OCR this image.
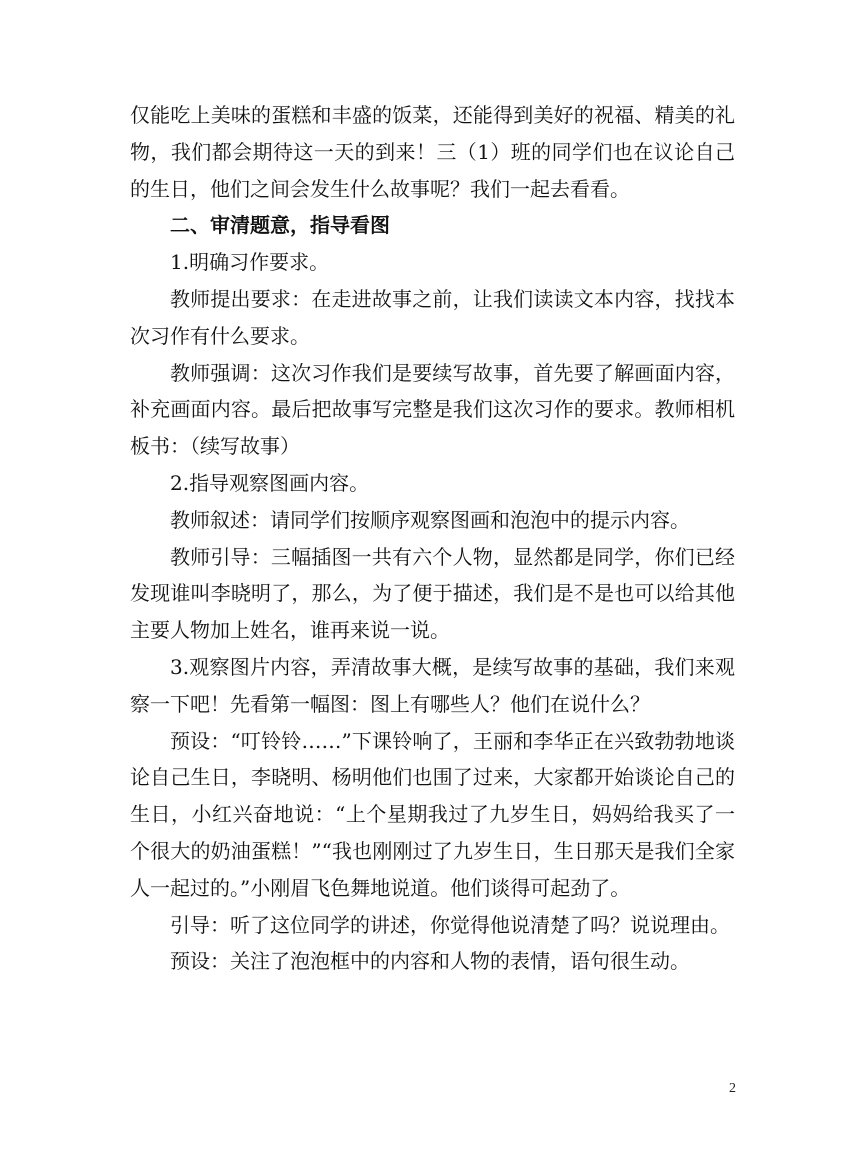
仅能吃上美味的蛋糕和丰盛的饭菜，还能得到美好的祝福、精美的礼物，我们都会期待这一天的到来！三（1）班的同学们也在议论自己的生日，他们之间会发生什么故事呢？我们一起去看看。

二、审清题意，指导看图

1.明确习作要求。

教师提出要求：在走进故事之前，让我们读读文本内容，找找本次习作有什么要求。

教师强调：这次习作我们是要续写故事，首先要了解画面内容，补充画面内容。最后把故事写完整是我们这次习作的要求。教师相机板书：（续写故事）

2.指导观察图画内容。

教师叙述：请同学们按顺序观察图画和泡泡中的提示内容。

教师引导：三幅插图一共有六个人物，显然都是同学，你们已经发现谁叫李晓明了，那么，为了便于描述，我们是不是也可以给其他主要人物加上姓名，谁再来说一说。

3.观察图片内容，弄清故事大概，是续写故事的基础，我们来观察一下吧！先看第一幅图：图上有哪些人？他们在说什么？

预设：“叮铃铃……”下课铃响了，王丽和李华正在兴致勃勃地谈论自己生日，李晓明、杨明他们也围了过来，大家都开始谈论自己的生日，小红兴奋地说：“上个星期我过了九岁生日，妈妈给我买了一个很大的奶油蛋糕！”“我也刚刚过了九岁生日，生日那天是我们全家人一起过的。”小刚眉飞色舞地说道。他们谈得可起劲了。

引导：听了这位同学的讲述，你觉得他说清楚了吗？说说理由。

预设：关注了泡泡框中的内容和人物的表情，语句很生动。

2
